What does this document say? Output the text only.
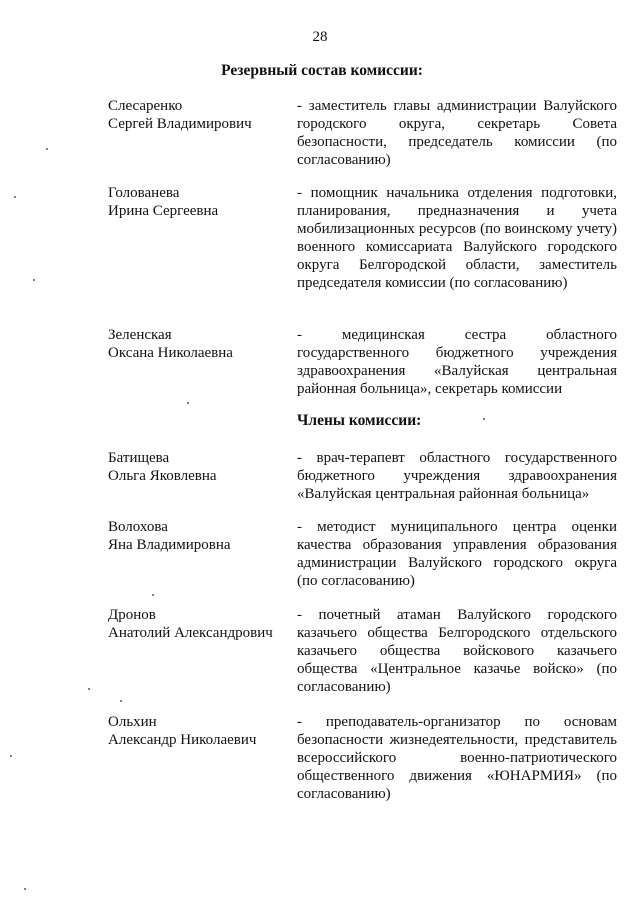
28
Резервный состав комиссии:
Слесаренко
Сергей Владимирович
- заместитель главы администрации Валуйского городского округа, секретарь Совета безопасности, председатель комиссии (по согласованию)
Голованева
Ирина Сергеевна
- помощник начальника отделения подготовки, планирования, предназначения и учета мобилизационных ресурсов (по воинскому учету) военного комиссариата Валуйского городского округа Белгородской области, заместитель председателя комиссии (по согласованию)
Зеленская
Оксана Николаевна
- медицинская сестра областного государственного бюджетного учреждения здравоохранения «Валуйская центральная районная больница», секретарь комиссии
Члены комиссии:
Батищева
Ольга Яковлевна
- врач-терапевт областного государственного бюджетного учреждения здравоохранения «Валуйская центральная районная больница»
Волохова
Яна Владимировна
- методист муниципального центра оценки качества образования управления образования администрации Валуйского городского округа (по согласованию)
Дронов
Анатолий Александрович
- почетный атаман Валуйского городского казачьего общества Белгородского отдельского казачьего общества войскового казачьего общества «Центральное казачье войско» (по согласованию)
Ольхин
Александр Николаевич
- преподаватель-организатор по основам безопасности жизнедеятельности, представитель всероссийского военно-патриотического общественного движения «ЮНАРМИЯ» (по согласованию)
